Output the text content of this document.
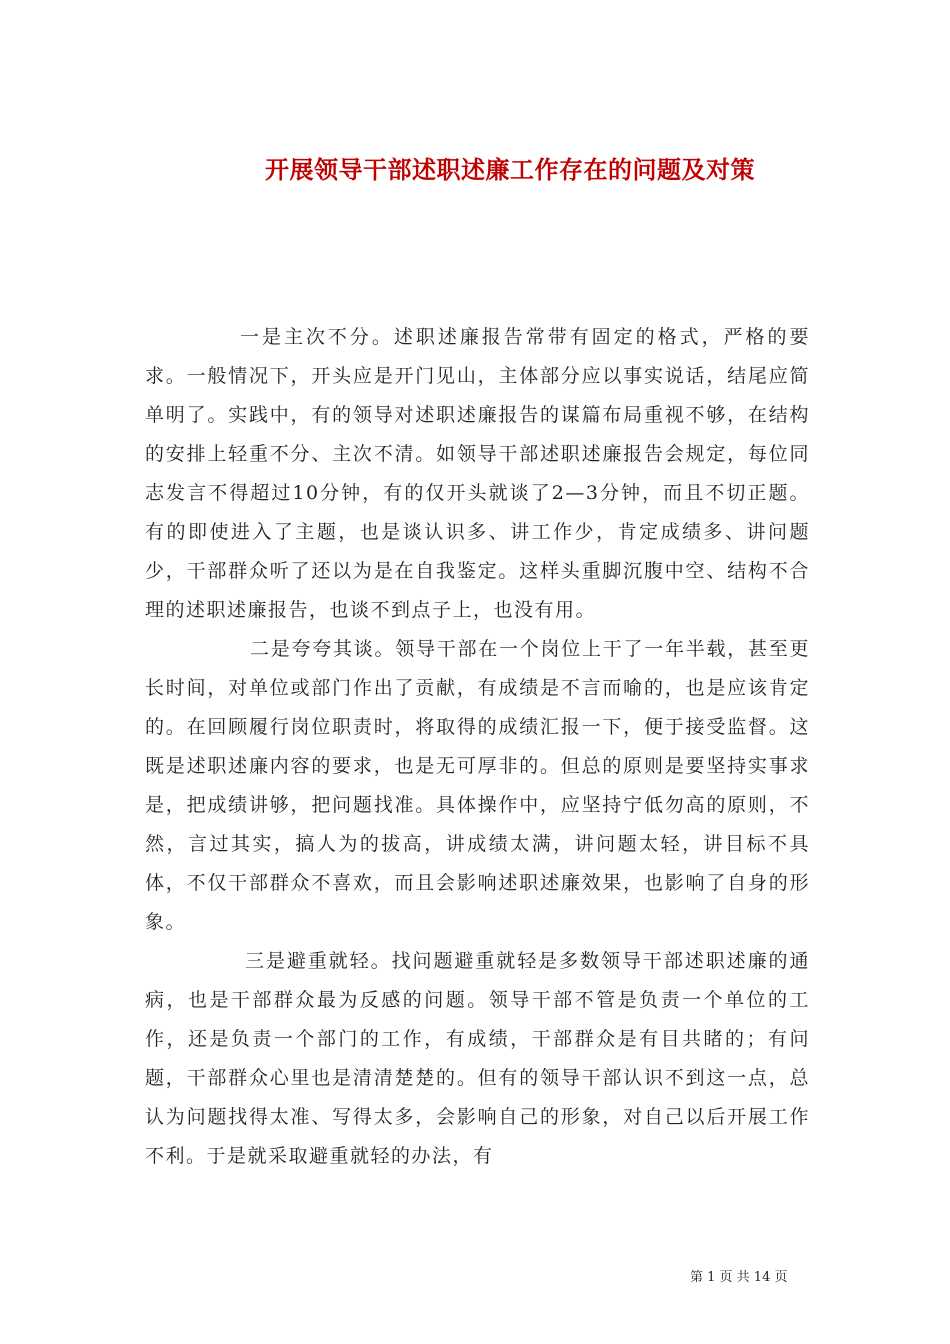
开展领导干部述职述廉工作存在的问题及对策

一是主次不分。述职述廉报告常带有固定的格式，严格的要求。一般情况下，开头应是开门见山，主体部分应以事实说话，结尾应简单明了。实践中，有的领导对述职述廉报告的谋篇布局重视不够，在结构的安排上轻重不分、主次不清。如领导干部述职述廉报告会规定，每位同志发言不得超过10分钟，有的仅开头就谈了2—3分钟，而且不切正题。有的即使进入了主题，也是谈认识多、讲工作少，肯定成绩多、讲问题少，干部群众听了还以为是在自我鉴定。这样头重脚沉腹中空、结构不合理的述职述廉报告，也谈不到点子上，也没有用。

二是夸夸其谈。领导干部在一个岗位上干了一年半载，甚至更长时间，对单位或部门作出了贡献，有成绩是不言而喻的，也是应该肯定的。在回顾履行岗位职责时，将取得的成绩汇报一下，便于接受监督。这既是述职述廉内容的要求，也是无可厚非的。但总的原则是要坚持实事求是，把成绩讲够，把问题找准。具体操作中，应坚持宁低勿高的原则，不然，言过其实，搞人为的拔高，讲成绩太满，讲问题太轻，讲目标不具体，不仅干部群众不喜欢，而且会影响述职述廉效果，也影响了自身的形象。

三是避重就轻。找问题避重就轻是多数领导干部述职述廉的通病，也是干部群众最为反感的问题。领导干部不管是负责一个单位的工作，还是负责一个部门的工作，有成绩，干部群众是有目共睹的；有问题，干部群众心里也是清清楚楚的。但有的领导干部认识不到这一点，总认为问题找得太准、写得太多，会影响自己的形象，对自己以后开展工作不利。于是就采取避重就轻的办法，有

第 1 页 共 14 页
